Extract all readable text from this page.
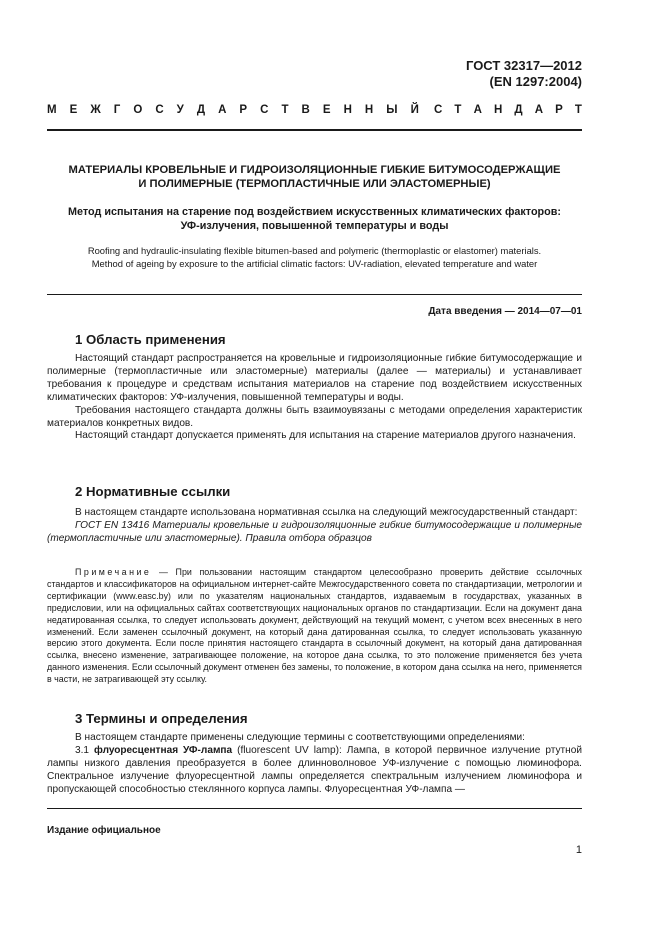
ГОСТ 32317—2012
(EN 1297:2004)
М Е Ж Г О С У Д А Р С Т В Е Н Н Ы Й С Т А Н Д А Р Т
МАТЕРИАЛЫ КРОВЕЛЬНЫЕ И ГИДРОИЗОЛЯЦИОННЫЕ ГИБКИЕ БИТУМОСОДЕРЖАЩИЕ
И ПОЛИМЕРНЫЕ (ТЕРМОПЛАСТИЧНЫЕ ИЛИ ЭЛАСТОМЕРНЫЕ)
Метод испытания на старение под воздействием искусственных климатических факторов:
УФ-излучения, повышенной температуры и воды
Roofing and hydraulic-insulating flexible bitumen-based and polymeric (thermoplastic or elastomer) materials.
Method of ageing by exposure to the artificial climatic factors: UV-radiation, elevated temperature and water
Дата введения — 2014—07—01
1 Область применения

Настоящий стандарт распространяется на кровельные и гидроизоляционные гибкие битумосодержащие и полимерные (термопластичные или эластомерные) материалы (далее — материалы) и устанавливает требования к процедуре и средствам испытания материалов на старение под воздействием искусственных климатических факторов: УФ-излучения, повышенной температуры и воды.

Требования настоящего стандарта должны быть взаимоувязаны с методами определения характеристик материалов конкретных видов.

Настоящий стандарт допускается применять для испытания на старение материалов другого назначения.

2 Нормативные ссылки

В настоящем стандарте использована нормативная ссылка на следующий межгосударственный стандарт:

ГОСТ EN 13416 Материалы кровельные и гидроизоляционные гибкие битумосодержащие и полимерные (термопластичные или эластомерные). Правила отбора образцов

Примечание — При пользовании настоящим стандартом целесообразно проверить действие ссылочных стандартов и классификаторов на официальном интернет-сайте Межгосударственного совета по стандартизации, метрологии и сертификации (www.easc.by) или по указателям национальных стандартов, издаваемым в государствах, указанных в предисловии, или на официальных сайтах соответствующих национальных органов по стандартизации. Если на документ дана недатированная ссылка, то следует использовать документ, действующий на текущий момент, с учетом всех внесенных в него изменений. Если заменен ссылочный документ, на который дана датированная ссылка, то следует использовать указанную версию этого документа. Если после принятия настоящего стандарта в ссылочный документ, на который дана датированная ссылка, внесено изменение, затрагивающее положение, на которое дана ссылка, то это положение применяется без учета данного изменения. Если ссылочный документ отменен без замены, то положение, в котором дана ссылка на него, применяется в части, не затрагивающей эту ссылку.

3 Термины и определения

В настоящем стандарте применены следующие термины с соответствующими определениями:

3.1 флуоресцентная УФ-лампа (fluorescent UV lamp): Лампа, в которой первичное излучение ртутной лампы низкого давления преобразуется в более длинноволновое УФ-излучение с помощью люминофора. Спектральное излучение флуоресцентной лампы определяется спектральным излучением люминофора и пропускающей способностью стеклянного корпуса лампы. Флуоресцентная УФ-лампа —

Издание официальное
1
